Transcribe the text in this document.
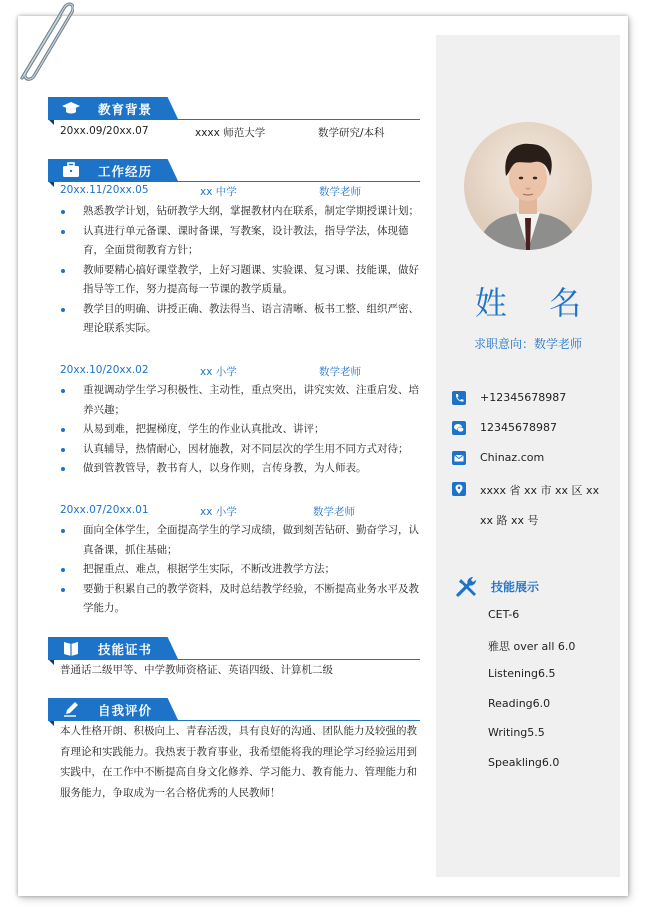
教育背景
20xx.09/20xx.07	xxxx 师范大学	数学研究/本科
工作经历
20xx.11/20xx.05	xx 中学	数学老师
熟悉教学计划，钻研教学大纲，掌握教材内在联系，制定学期授课计划；
认真进行单元备课、课时备课，写教案，设计教法，指导学法，体现德育，全面贯彻教育方针；
教师要精心搞好课堂教学，上好习题课、实验课、复习课、技能课，做好指导等工作，努力提高每一节课的教学质量。
教学目的明确、讲授正确、教法得当、语言清晰、板书工整、组织严密、理论联系实际。
20xx.10/20xx.02	xx 小学	数学老师
重视调动学生学习积极性、主动性，重点突出，讲究实效、注重启发、培养兴趣；
从易到难，把握梯度，学生的作业认真批改、讲评；
认真辅导，热情耐心，因材施教，对不同层次的学生用不同方式对待；
做到管教管导，教书育人，以身作则，言传身教，为人师表。
20xx.07/20xx.01	xx 小学	数学老师
面向全体学生，全面提高学生的学习成绩，做到刻苦钻研、勤奋学习，认真备课，抓住基础；
把握重点、难点，根据学生实际，不断改进教学方法；
要勤于积累自己的教学资料，及时总结教学经验，不断提高业务水平及教学能力。
技能证书
普通话二级甲等、中学教师资格证、英语四级、计算机二级
自我评价
本人性格开朗、积极向上、青春活泼，具有良好的沟通、团队能力及较强的教育理论和实践能力。我热衷于教育事业，我希望能将我的理论学习经验运用到实践中，在工作中不断提高自身文化修养、学习能力、教育能力、管理能力和服务能力，争取成为一名合格优秀的人民教师！
姓 名
求职意向：数学老师
+12345678987
12345678987
Chinaz.com
xxxx 省 xx 市 xx 区 xx
xx 路 xx 号
技能展示
CET-6
雅思 over all 6.0
Listening6.5
Reading6.0
Writing5.5
Speakling6.0
